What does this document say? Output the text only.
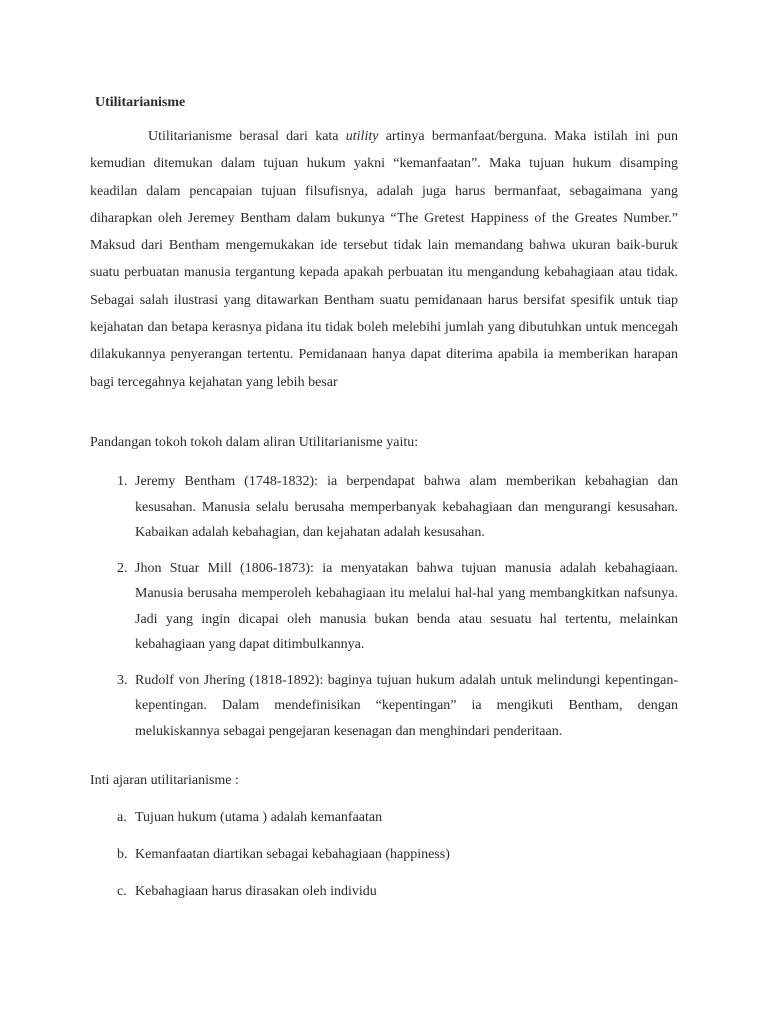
Utilitarianisme
Utilitarianisme berasal dari kata utility artinya bermanfaat/berguna. Maka istilah ini pun kemudian ditemukan dalam tujuan hukum yakni “kemanfaatan”. Maka tujuan hukum disamping keadilan dalam pencapaian tujuan filsufisnya, adalah juga harus bermanfaat, sebagaimana yang diharapkan oleh Jeremey Bentham dalam bukunya “The Gretest Happiness of the Greates Number.” Maksud dari Bentham mengemukakan ide tersebut tidak lain memandang bahwa ukuran baik-buruk suatu perbuatan manusia tergantung kepada apakah perbuatan itu mengandung kebahagiaan atau tidak. Sebagai salah ilustrasi yang ditawarkan Bentham suatu pemidanaan harus bersifat spesifik untuk tiap kejahatan dan betapa kerasnya pidana itu tidak boleh melebihi jumlah yang dibutuhkan untuk mencegah dilakukannya penyerangan tertentu. Pemidanaan hanya dapat diterima apabila ia memberikan harapan bagi tercegahnya kejahatan yang lebih besar
Pandangan tokoh tokoh dalam aliran Utilitarianisme yaitu:
1. Jeremy Bentham (1748-1832): ia berpendapat bahwa alam memberikan kebahagian dan kesusahan. Manusia selalu berusaha memperbanyak kebahagiaan dan mengurangi kesusahan. Kabaikan adalah kebahagian, dan kejahatan adalah kesusahan.
2. Jhon Stuar Mill (1806-1873): ia menyatakan bahwa tujuan manusia adalah kebahagiaan. Manusia berusaha memperoleh kebahagiaan itu melalui hal-hal yang membangkitkan nafsunya. Jadi yang ingin dicapai oleh manusia bukan benda atau sesuatu hal tertentu, melainkan kebahagiaan yang dapat ditimbulkannya.
3. Rudolf von Jhering (1818-1892): baginya tujuan hukum adalah untuk melindungi kepentingan-kepentingan. Dalam mendefinisikan “kepentingan” ia mengikuti Bentham, dengan melukiskannya sebagai pengejaran kesenagan dan menghindari penderitaan.
Inti ajaran utilitarianisme :
a. Tujuan hukum (utama ) adalah kemanfaatan
b. Kemanfaatan diartikan sebagai kebahagiaan (happiness)
c. Kebahagiaan harus dirasakan oleh individu
